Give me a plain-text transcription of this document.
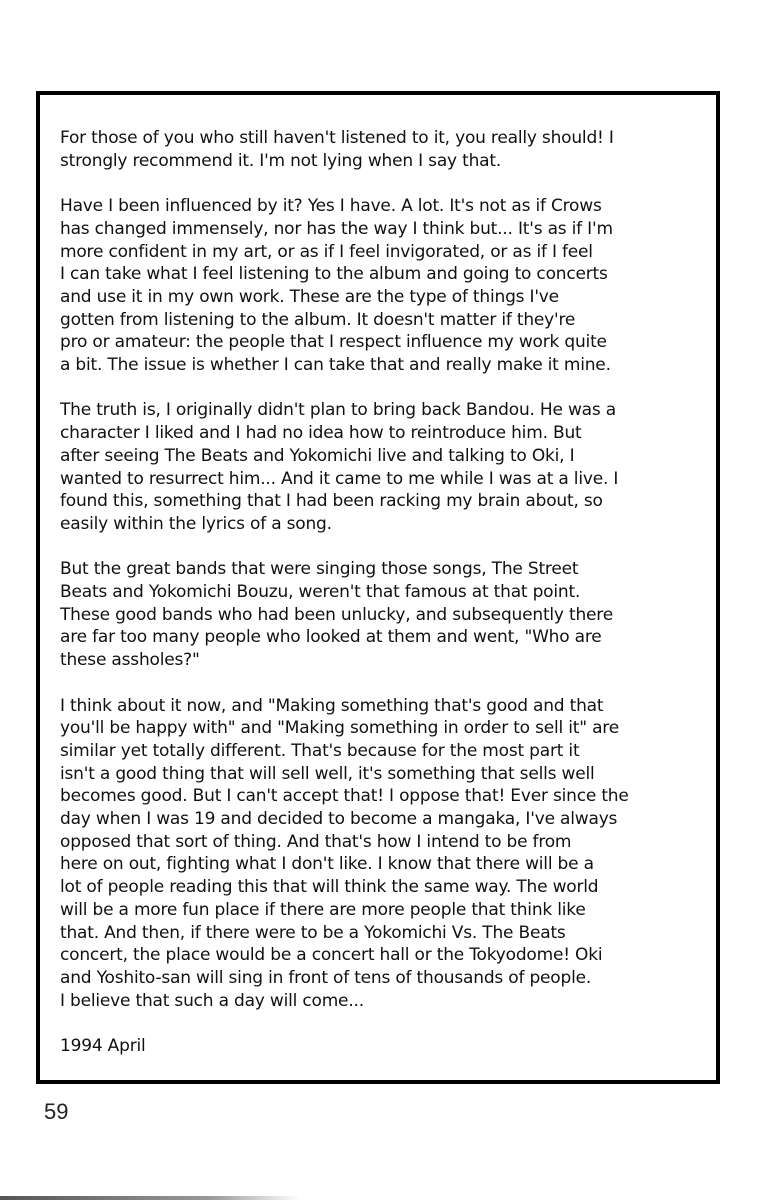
For those of you who still haven't listened to it, you really should! I
strongly recommend it. I'm not lying when I say that.

Have I been influenced by it? Yes I have. A lot. It's not as if Crows
has changed immensely, nor has the way I think but... It's as if I'm
more confident in my art, or as if I feel invigorated, or as if I feel
I can take what I feel listening to the album and going to concerts
and use it in my own work. These are the type of things I've
gotten from listening to the album. It doesn't matter if they're
pro or amateur: the people that I respect influence my work quite
a bit. The issue is whether I can take that and really make it mine.

The truth is, I originally didn't plan to bring back Bandou. He was a
character I liked and I had no idea how to reintroduce him. But
after seeing The Beats and Yokomichi live and talking to Oki, I
wanted to resurrect him... And it came to me while I was at a live. I
found this, something that I had been racking my brain about, so
easily within the lyrics of a song.

But the great bands that were singing those songs, The Street
Beats and Yokomichi Bouzu, weren't that famous at that point.
These good bands who had been unlucky, and subsequently there
are far too many people who looked at them and went, "Who are
these assholes?"

I think about it now, and "Making something that's good and that
you'll be happy with" and "Making something in order to sell it" are
similar yet totally different. That's because for the most part it
isn't a good thing that will sell well, it's something that sells well
becomes good. But I can't accept that! I oppose that! Ever since the
day when I was 19 and decided to become a mangaka, I've always
opposed that sort of thing. And that's how I intend to be from
here on out, fighting what I don't like. I know that there will be a
lot of people reading this that will think the same way. The world
will be a more fun place if there are more people that think like
that. And then, if there were to be a Yokomichi Vs. The Beats
concert, the place would be a concert hall or the Tokyodome! Oki
and Yoshito-san will sing in front of tens of thousands of people.
I believe that such a day will come...

1994 April

59
